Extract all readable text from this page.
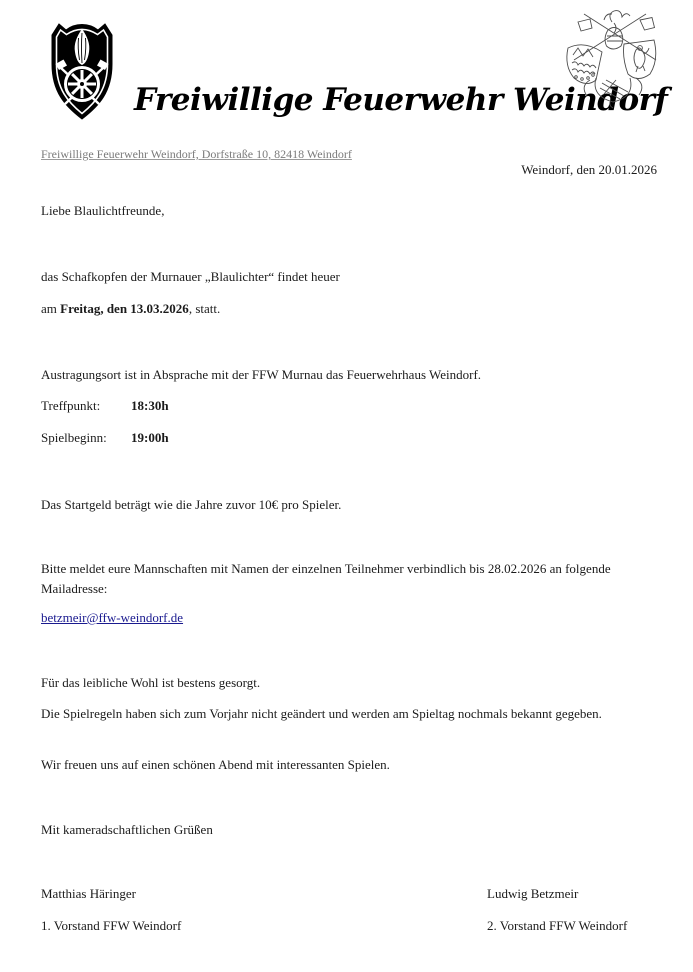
Freiwillige Feuerwehr Weindorf
Freiwillige Feuerwehr Weindorf, Dorfstraße 10, 82418 Weindorf
Weindorf, den 20.01.2026
Liebe Blaulichtfreunde,
das Schafkopfen der Murnauer „Blaulichter“ findet heuer
am Freitag, den 13.03.2026, statt.
Austragungsort ist in Absprache mit der FFW Murnau das Feuerwehrhaus Weindorf.
Treffpunkt: 18:30h
Spielbeginn: 19:00h
Das Startgeld beträgt wie die Jahre zuvor 10€ pro Spieler.
Bitte meldet eure Mannschaften mit Namen der einzelnen Teilnehmer verbindlich bis 28.02.2026 an folgende Mailadresse:
betzmeir@ffw-weindorf.de
Für das leibliche Wohl ist bestens gesorgt.
Die Spielregeln haben sich zum Vorjahr nicht geändert und werden am Spieltag nochmals bekannt gegeben.
Wir freuen uns auf einen schönen Abend mit interessanten Spielen.
Mit kameradschaftlichen Grüßen
Matthias Häringer
1. Vorstand FFW Weindorf
Ludwig Betzmeir
2. Vorstand FFW Weindorf
